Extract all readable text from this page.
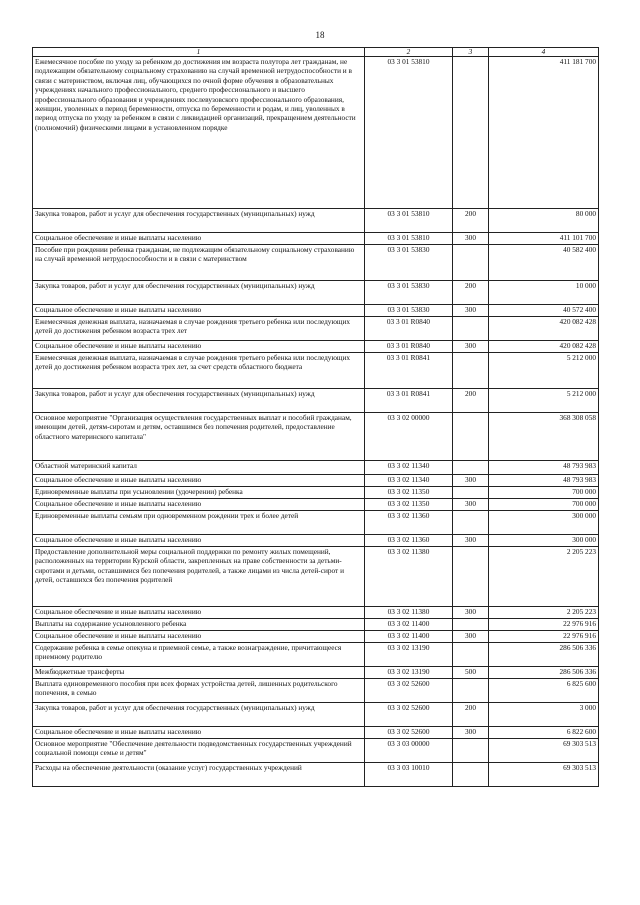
18
1	2	3	4
Ежемесячное пособие по уходу за ребенком до достижения им возраста полутора лет гражданам, не подлежащим обязательному социальному страхованию на случай временной нетрудоспособности и в связи с материнством, включая лиц, обучающихся по очной форме обучения в образовательных учреждениях начального профессионального, среднего профессионального и высшего профессионального образования и учреждениях послевузовского профессионального образования, женщин, уволенных в период беременности, отпуска по беременности и родам, и лиц, уволенных в период отпуска по уходу за ребенком в связи с ликвидацией организаций, прекращением деятельности (полномочий) физическими лицами в установленном порядке	03 3 01 53810		411 181 700
Закупка товаров, работ и услуг для обеспечения государственных (муниципальных) нужд	03 3 01 53810	200	80 000
Социальное обеспечение и иные выплаты населению	03 3 01 53810	300	411 101 700
Пособие при рождении ребенка гражданам, не подлежащим обязательному социальному страхованию на случай временной нетрудоспособности и в связи с материнством	03 3 01 53830		40 582 400
Закупка товаров, работ и услуг для обеспечения государственных (муниципальных) нужд	03 3 01 53830	200	10 000
Социальное обеспечение и иные выплаты населению	03 3 01 53830	300	40 572 400
Ежемесячная денежная выплата, назначаемая в случае рождения третьего ребенка или последующих детей до достижения ребенком возраста трех лет	03 3 01 R0840		420 082 428
Социальное обеспечение и иные выплаты населению	03 3 01 R0840	300	420 082 428
Ежемесячная денежная выплата, назначаемая в случае рождения третьего ребенка или последующих детей до достижения ребенком возраста трех лет, за счет средств областного бюджета	03 3 01 R0841		5 212 000
Закупка товаров, работ и услуг для обеспечения государственных (муниципальных) нужд	03 3 01 R0841	200	5 212 000
Основное мероприятие "Организация осуществления государственных выплат и пособий гражданам, имеющим детей, детям-сиротам и детям, оставшимся без попечения родителей, предоставление областного материнского капитала"	03 3 02 00000		368 308 058
Областной материнский капитал	03 3 02 11340		48 793 983
Социальное обеспечение и иные выплаты населению	03 3 02 11340	300	48 793 983
Единовременные выплаты при усыновлении (удочерении) ребенка	03 3 02 11350		700 000
Социальное обеспечение и иные выплаты населению	03 3 02 11350	300	700 000
Единовременные выплаты семьям при одновременном рождении трех и более детей	03 3 02 11360		300 000
Социальное обеспечение и иные выплаты населению	03 3 02 11360	300	300 000
Предоставление дополнительной меры социальной поддержки по ремонту жилых помещений, расположенных на территории Курской области, закрепленных на праве собственности за детьми-сиротами и детьми, оставшимися без попечения родителей, а также лицами из числа детей-сирот и детей, оставшихся без попечения родителей	03 3 02 11380		2 205 223
Социальное обеспечение и иные выплаты населению	03 3 02 11380	300	2 205 223
Выплаты на содержание усыновленного ребенка	03 3 02 11400		22 976 916
Социальное обеспечение и иные выплаты населению	03 3 02 11400	300	22 976 916
Содержание ребенка в семье опекуна и приемной семье, а также вознаграждение, причитающееся приемному родителю	03 3 02 13190		286 506 336
Межбюджетные трансферты	03 3 02 13190	500	286 506 336
Выплата единовременного пособия при всех формах устройства детей, лишенных родительского попечения, в семью	03 3 02 52600		6 825 600
Закупка товаров, работ и услуг для обеспечения государственных (муниципальных) нужд	03 3 02 52600	200	3 000
Социальное обеспечение и иные выплаты населению	03 3 02 52600	300	6 822 600
Основное мероприятие "Обеспечение деятельности подведомственных государственных учреждений социальной помощи семье и детям"	03 3 03 00000		69 303 513
Расходы на обеспечение деятельности (оказание услуг) государственных учреждений	03 3 03 10010		69 303 513
